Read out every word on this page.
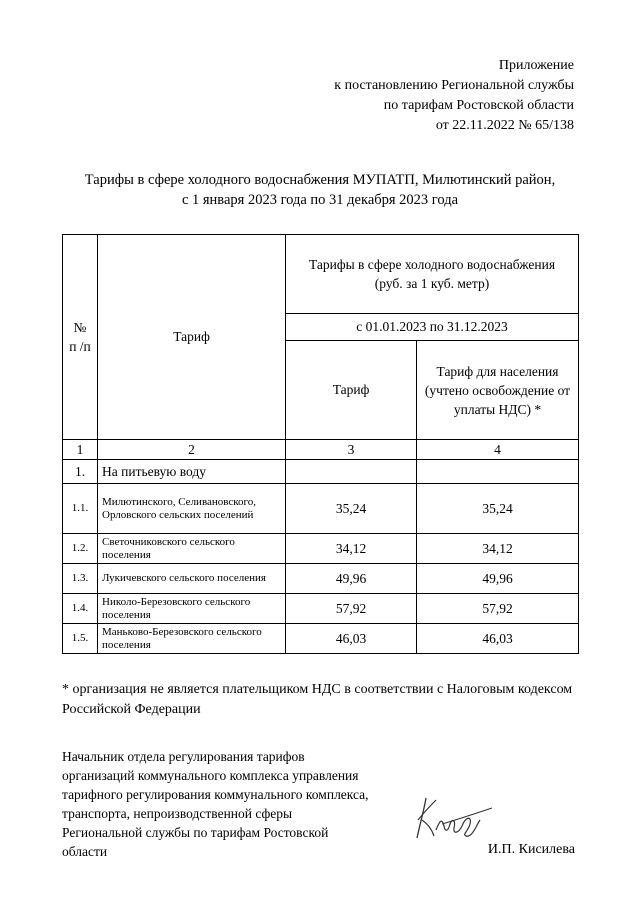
Приложение
к постановлению Региональной службы
по тарифам Ростовской области
от 22.11.2022 № 65/138
Тарифы в сфере холодного водоснабжения МУПАТП, Милютинский район,
с 1 января 2023 года по 31 декабря 2023 года
№ п /п	Тариф	Тарифы в сфере холодного водоснабжения (руб. за 1 куб. метр)	
		с 01.01.2023 по 31.12.2023	
		Тариф	Тариф для населения (учтено освобождение от уплаты НДС) *
1	2	3	4
1.	На питьевую воду		
1.1.	Милютинского, Селивановского, Орловского сельских поселений	35,24	35,24
1.2.	Светочниковского сельского поселения	34,12	34,12
1.3.	Лукичевского сельского поселения	49,96	49,96
1.4.	Николо-Березовского сельского поселения	57,92	57,92
1.5.	Маньково-Березовского сельского поселения	46,03	46,03
* организация не является плательщиком НДС в соответствии с Налоговым кодексом Российской Федерации
Начальник отдела регулирования тарифов
организаций коммунального комплекса управления
тарифного регулирования коммунального комплекса,
транспорта, непроизводственной сферы
Региональной службы по тарифам Ростовской
области	И.П. Кисилева
